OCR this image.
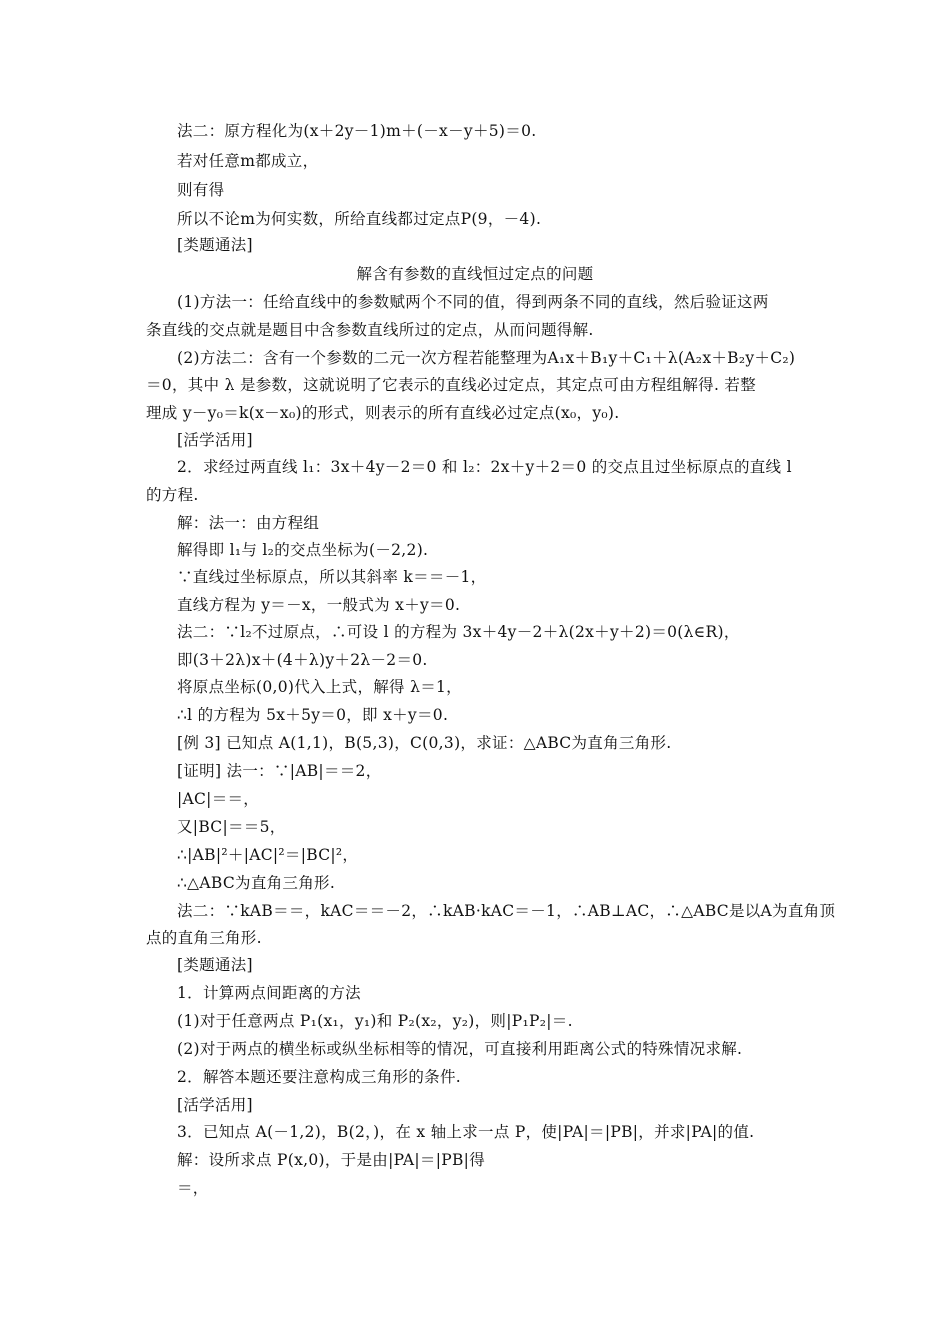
法二：原方程化为(x＋2y－1)m＋(－x－y＋5)＝0.
若对任意m都成立，
则有得
所以不论m为何实数，所给直线都过定点P(9，－4).
[类题通法]
解含有参数的直线恒过定点的问题
(1)方法一：任给直线中的参数赋两个不同的值，得到两条不同的直线，然后验证这两
条直线的交点就是题目中含参数直线所过的定点，从而问题得解.
(2)方法二：含有一个参数的二元一次方程若能整理为A₁x＋B₁y＋C₁＋λ(A₂x＋B₂y＋C₂)
＝0，其中 λ 是参数，这就说明了它表示的直线必过定点，其定点可由方程组解得. 若整
理成 y－y₀＝k(x－x₀)的形式，则表示的所有直线必过定点(x₀，y₀).
[活学活用]
2．求经过两直线 l₁：3x＋4y－2＝0 和 l₂：2x＋y＋2＝0 的交点且过坐标原点的直线 l
的方程.
解：法一：由方程组
解得即 l₁与 l₂的交点坐标为(－2,2).
∵直线过坐标原点，所以其斜率 k＝＝－1，
直线方程为 y＝－x，一般式为 x＋y＝0.
法二：∵l₂不过原点，∴可设 l 的方程为 3x＋4y－2＋λ(2x＋y＋2)＝0(λ∈R)，
即(3＋2λ)x＋(4＋λ)y＋2λ－2＝0.
将原点坐标(0,0)代入上式，解得 λ＝1，
∴l 的方程为 5x＋5y＝0，即 x＋y＝0.
[例 3] 已知点 A(1,1)，B(5,3)，C(0,3)，求证：△ABC为直角三角形.
[证明] 法一：∵|AB|＝＝2，
|AC|＝＝，
又|BC|＝＝5，
∴|AB|²＋|AC|²＝|BC|²，
∴△ABC为直角三角形.
法二：∵kAB＝＝，kAC＝＝－2，∴kAB·kAC＝－1，∴AB⊥AC，∴△ABC是以A为直角顶
点的直角三角形.
[类题通法]
1．计算两点间距离的方法
(1)对于任意两点 P₁(x₁，y₁)和 P₂(x₂，y₂)，则|P₁P₂|＝.
(2)对于两点的横坐标或纵坐标相等的情况，可直接利用距离公式的特殊情况求解.
2．解答本题还要注意构成三角形的条件.
[活学活用]
3．已知点 A(－1,2)，B(2，)，在 x 轴上求一点 P，使|PA|＝|PB|，并求|PA|的值.
解：设所求点 P(x,0)，于是由|PA|＝|PB|得
＝，
